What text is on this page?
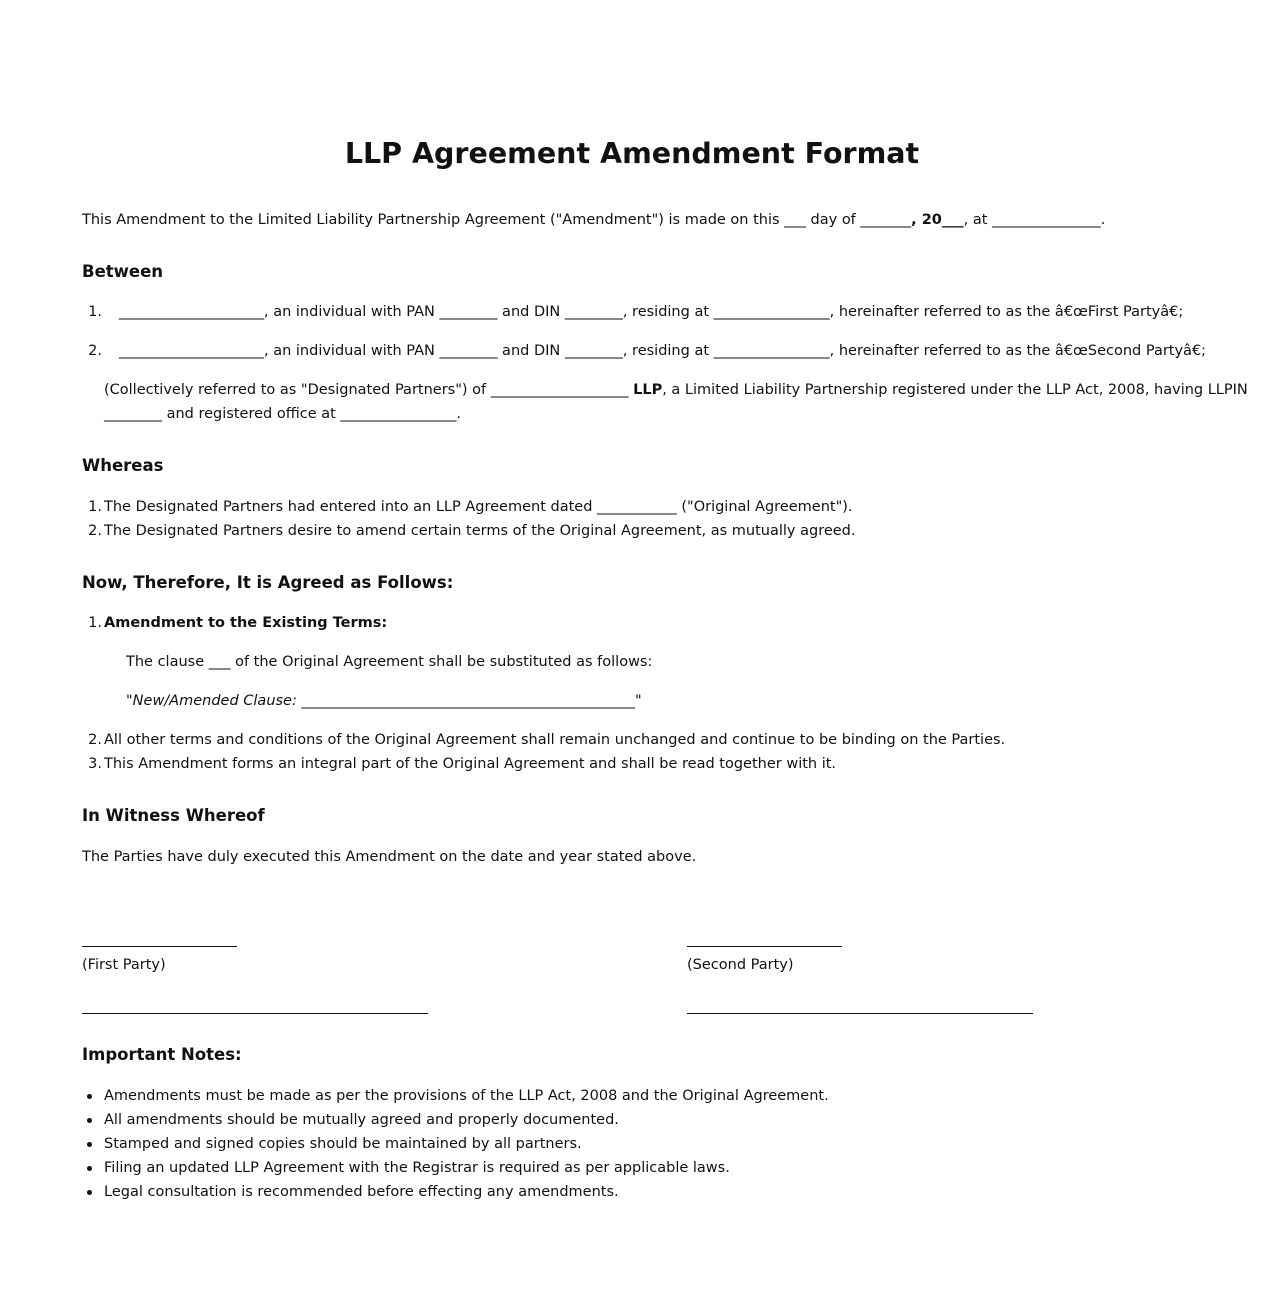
LLP Agreement Amendment Format
This Amendment to the Limited Liability Partnership Agreement ("Amendment") is made on this ___ day of _______, 20___, at _______________.
Between
1. ____________________, an individual with PAN ________ and DIN ________, residing at ________________, hereinafter referred to as the â€œFirst Partyâ€;
2. ____________________, an individual with PAN ________ and DIN ________, residing at ________________, hereinafter referred to as the â€œSecond Partyâ€;
(Collectively referred to as "Designated Partners") of ___________________ LLP, a Limited Liability Partnership registered under the LLP Act, 2008, having LLPIN
________ and registered office at ________________.
Whereas
1. The Designated Partners had entered into an LLP Agreement dated ___________ ("Original Agreement").
2. The Designated Partners desire to amend certain terms of the Original Agreement, as mutually agreed.
Now, Therefore, It is Agreed as Follows:
1. Amendment to the Existing Terms:
The clause ___ of the Original Agreement shall be substituted as follows:
"New/Amended Clause: ______________________________________________"
2. All other terms and conditions of the Original Agreement shall remain unchanged and continue to be binding on the Parties.
3. This Amendment forms an integral part of the Original Agreement and shall be read together with it.
In Witness Whereof
The Parties have duly executed this Amendment on the date and year stated above.
(First Party)	(Second Party)
Important Notes:
Amendments must be made as per the provisions of the LLP Act, 2008 and the Original Agreement.
All amendments should be mutually agreed and properly documented.
Stamped and signed copies should be maintained by all partners.
Filing an updated LLP Agreement with the Registrar is required as per applicable laws.
Legal consultation is recommended before effecting any amendments.
